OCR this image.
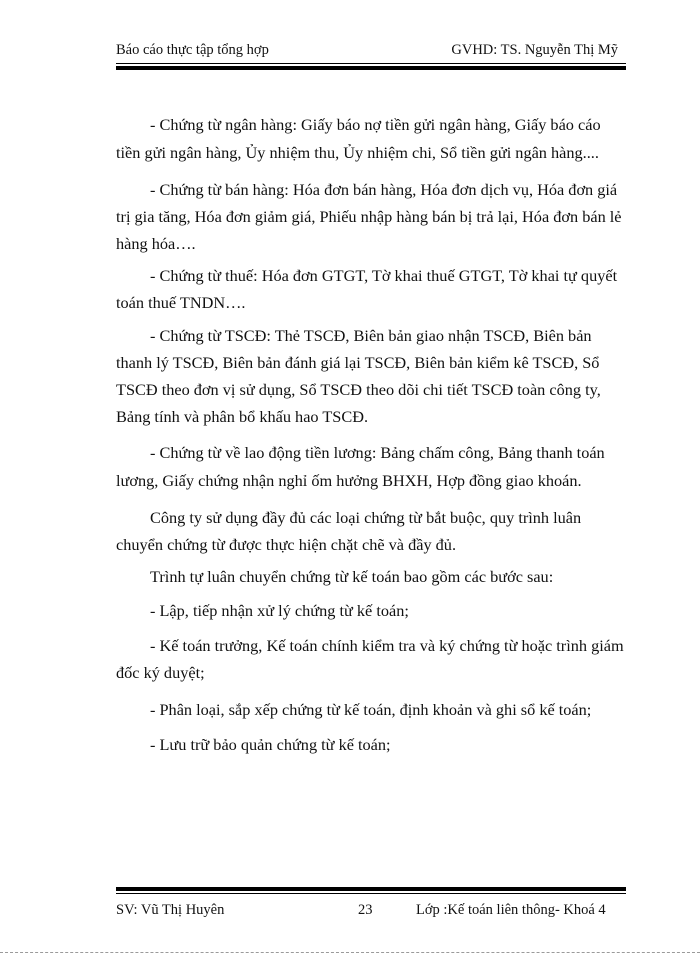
Báo cáo thực tập tổng hợp	GVHD: TS. Nguyễn Thị Mỹ
- Chứng từ ngân hàng: Giấy báo nợ tiền gửi ngân hàng, Giấy báo cáo
tiền gửi ngân hàng, Ủy nhiệm thu, Ủy nhiệm chi, Sổ tiền gửi ngân hàng....
- Chứng từ bán hàng: Hóa đơn bán hàng, Hóa đơn dịch vụ, Hóa đơn giá
trị gia tăng, Hóa đơn giảm giá, Phiếu nhập hàng bán bị trả lại, Hóa đơn bán lẻ
hàng hóa….
- Chứng từ thuế: Hóa đơn GTGT, Tờ khai thuế GTGT, Tờ khai tự quyết
toán thuế TNDN….
- Chứng từ TSCĐ: Thẻ TSCĐ, Biên bản giao nhận TSCĐ, Biên bản
thanh lý TSCĐ, Biên bản đánh giá lại TSCĐ, Biên bản kiểm kê TSCĐ, Sổ
TSCĐ theo đơn vị sử dụng, Sổ TSCĐ theo dõi chi tiết TSCĐ toàn công ty,
Bảng tính và phân bổ khấu hao TSCĐ.
- Chứng từ về lao động tiền lương: Bảng chấm công, Bảng thanh toán
lương, Giấy chứng nhận nghỉ ốm hưởng BHXH, Hợp đồng giao khoán.
Công ty sử dụng đầy đủ các loại chứng từ bắt buộc, quy trình luân
chuyển chứng từ được thực hiện chặt chẽ và đầy đủ.
Trình tự luân chuyển chứng từ kế toán bao gồm các bước sau:
- Lập, tiếp nhận xử lý chứng từ kế toán;
- Kế toán trưởng, Kế toán chính kiểm tra và ký chứng từ hoặc trình giám
đốc ký duyệt;
- Phân loại, sắp xếp chứng từ kế toán, định khoản và ghi sổ kế toán;
- Lưu trữ bảo quản chứng từ kế toán;
SV: Vũ Thị Huyên	23	Lớp :Kế toán liên thông- Khoá 4
